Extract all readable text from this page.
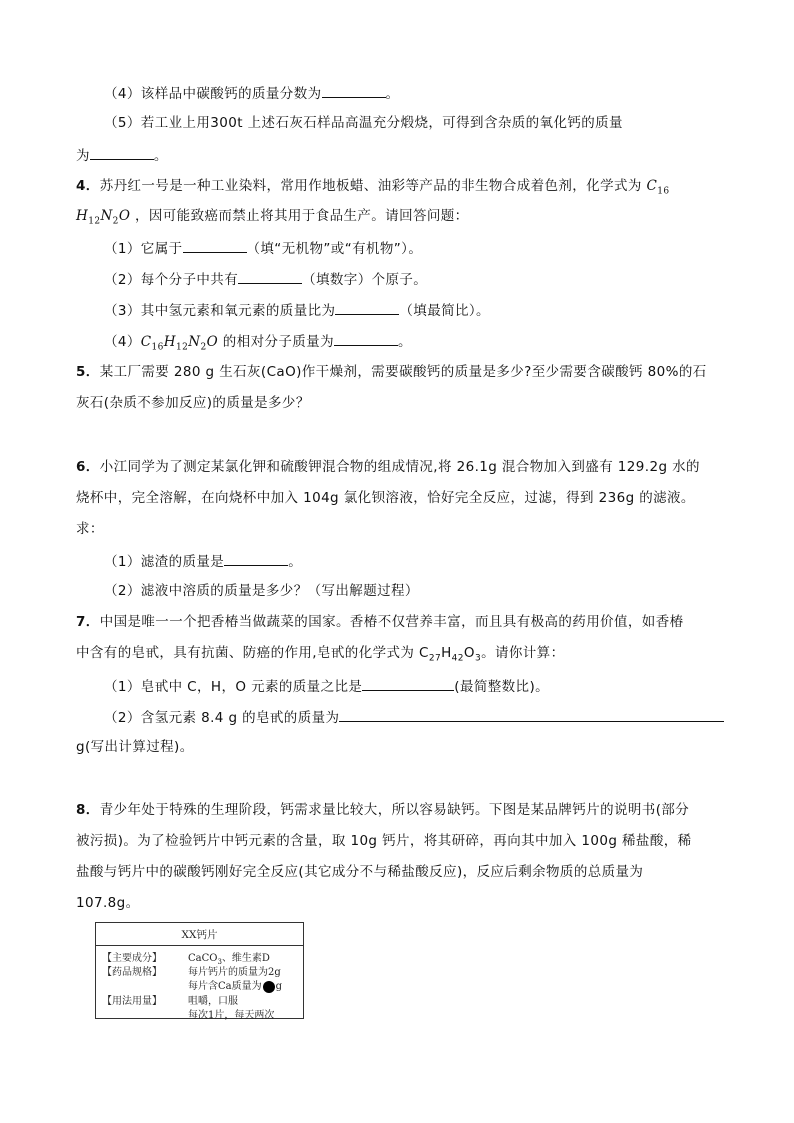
（4）该样品中碳酸钙的质量分数为	。
（5）若工业上用300t 上述石灰石样品高温充分煅烧，可得到含杂质的氧化钙的质量
为	。
4．苏丹红一号是一种工业染料，常用作地板蜡、油彩等产品的非生物合成着色剂，化学式为 $C_{16}$
$H_{12}N_2O$ ，因可能致癌而禁止将其用于食品生产。请回答问题：
（1）它属于	（填“无机物”或“有机物”）。
（2）每个分子中共有	（填数字）个原子。
（3）其中氢元素和氧元素的质量比为	（填最简比）。
$(4)C_{16}H_{12}N_2O$ 的相对分子质量为	。
5．某工厂需要 280 g 生石灰(CaO)作干燥剂，需要碳酸钙的质量是多少?至少需要含碳酸钙 80%的石
灰石(杂质不参加反应)的质量是多少？
6．小江同学为了测定某氯化钾和硫酸钾混合物的组成情况,将 26.1g 混合物加入到盛有 129.2g 水的
烧杯中，完全溶解，在向烧杯中加入 104g 氯化钡溶液，恰好完全反应，过滤，得到 236g 的滤液。
求：
（1）滤渣的质量是	。
（2）滤液中溶质的质量是多少？（写出解题过程）
7．中国是唯一一个把香椿当做蔬菜的国家。香椿不仅营养丰富，而且具有极高的药用价值，如香椿
中含有的皂甙，具有抗菌、防癌的作用,皂甙的化学式为 $C_{27}H_{42}O_3$。请你计算：
（1）皂甙中 C，H，O 元素的质量之比是	(最简整数比)。
（2）含氢元素 8.4 g 的皂甙的质量为
g(写出计算过程)。
8．青少年处于特殊的生理阶段，钙需求量比较大，所以容易缺钙。下图是某品牌钙片的说明书(部分
被污损)。为了检验钙片中钙元素的含量，取 10g 钙片，将其研碎，再向其中加入 100g 稀盐酸，稀
盐酸与钙片中的碳酸钙刚好完全反应(其它成分不与稀盐酸反应)，反应后剩余物质的总质量为
107.8g。
XX钙片
【主要成分】	CaCO$_3$、维生素D
【药品规格】	每片钙片的质量为2g
每片含Ca质量为 g
【用法用量】	咀嚼，口服
每次1片，每天两次
